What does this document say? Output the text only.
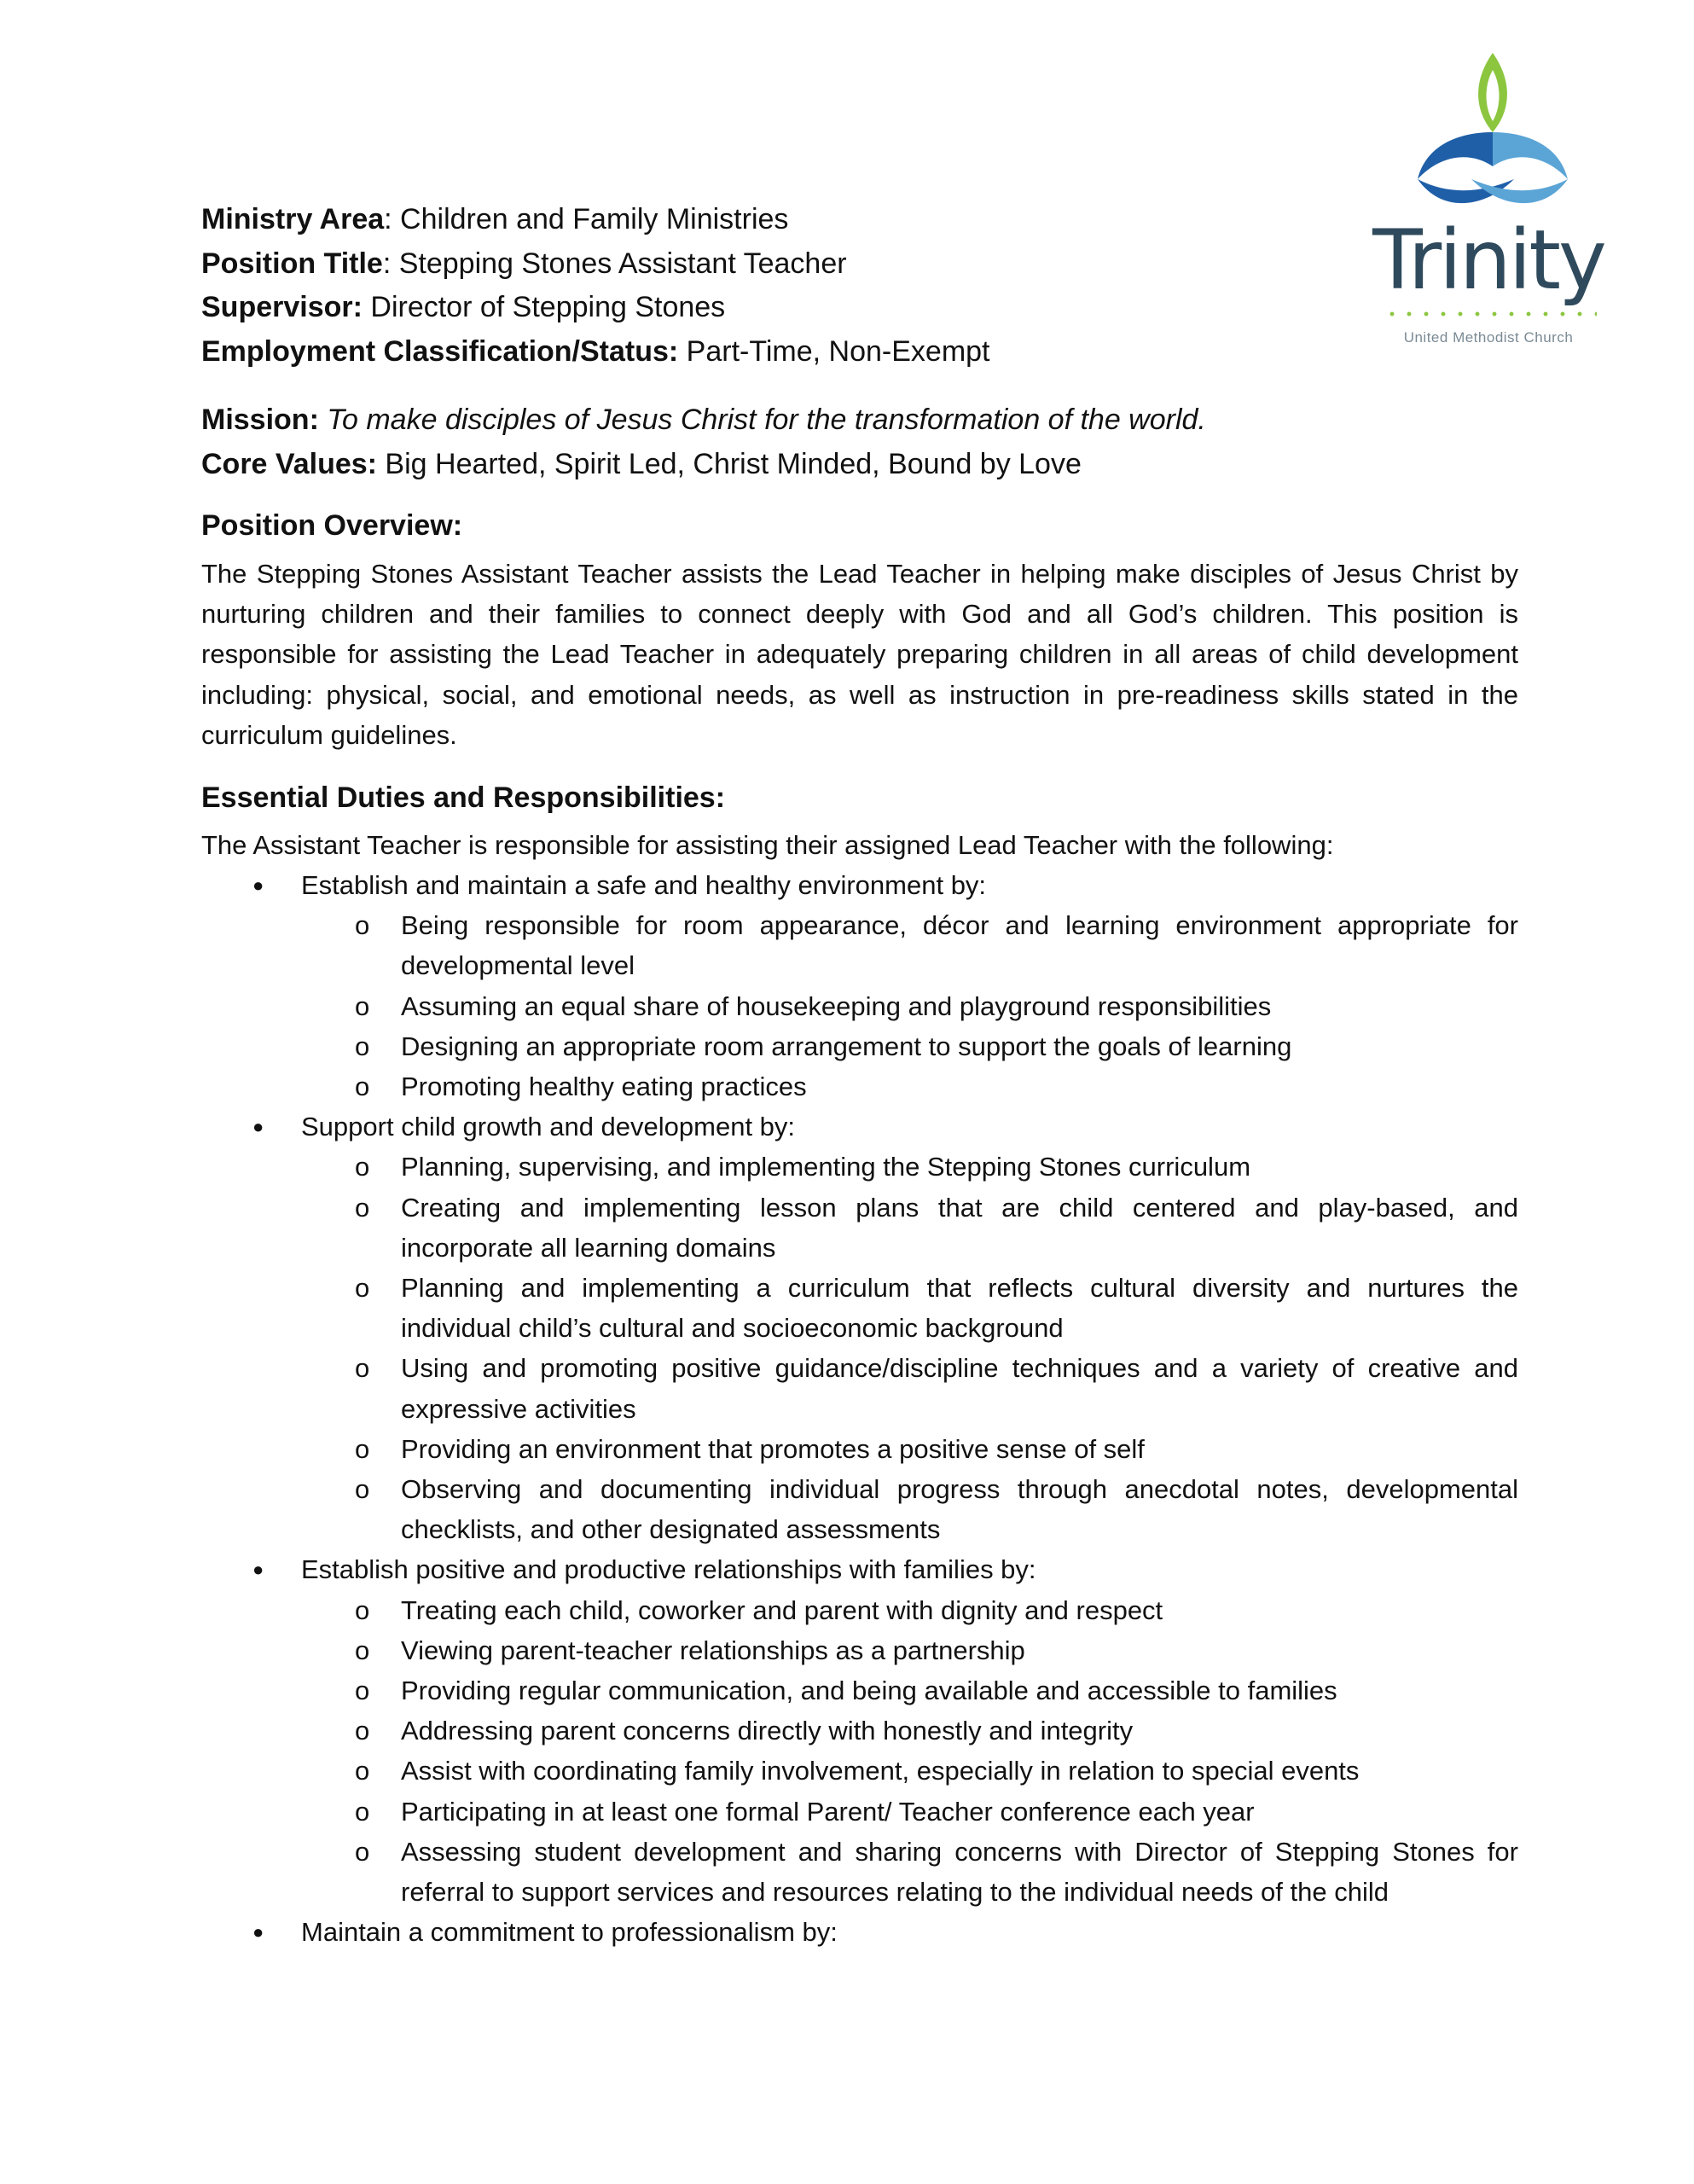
Trinity
United Methodist Church
Ministry Area: Children and Family Ministries
Position Title: Stepping Stones Assistant Teacher
Supervisor: Director of Stepping Stones
Employment Classification/Status: Part-Time, Non-Exempt
Mission: To make disciples of Jesus Christ for the transformation of the world.
Core Values: Big Hearted, Spirit Led, Christ Minded, Bound by Love
Position Overview:
The Stepping Stones Assistant Teacher assists the Lead Teacher in helping make disciples of Jesus Christ by nurturing children and their families to connect deeply with God and all God’s children. This position is responsible for assisting the Lead Teacher in adequately preparing children in all areas of child development including: physical, social, and emotional needs, as well as instruction in pre-readiness skills stated in the curriculum guidelines.
Essential Duties and Responsibilities:
The Assistant Teacher is responsible for assisting their assigned Lead Teacher with the following:
● Establish and maintain a safe and healthy environment by:
o Being responsible for room appearance, décor and learning environment appropriate for developmental level
o Assuming an equal share of housekeeping and playground responsibilities
o Designing an appropriate room arrangement to support the goals of learning
o Promoting healthy eating practices
● Support child growth and development by:
o Planning, supervising, and implementing the Stepping Stones curriculum
o Creating and implementing lesson plans that are child centered and play-based, and incorporate all learning domains
o Planning and implementing a curriculum that reflects cultural diversity and nurtures the individual child’s cultural and socioeconomic background
o Using and promoting positive guidance/discipline techniques and a variety of creative and expressive activities
o Providing an environment that promotes a positive sense of self
o Observing and documenting individual progress through anecdotal notes, developmental checklists, and other designated assessments
● Establish positive and productive relationships with families by:
o Treating each child, coworker and parent with dignity and respect
o Viewing parent-teacher relationships as a partnership
o Providing regular communication, and being available and accessible to families
o Addressing parent concerns directly with honestly and integrity
o Assist with coordinating family involvement, especially in relation to special events
o Participating in at least one formal Parent/ Teacher conference each year
o Assessing student development and sharing concerns with Director of Stepping Stones for referral to support services and resources relating to the individual needs of the child
● Maintain a commitment to professionalism by:
